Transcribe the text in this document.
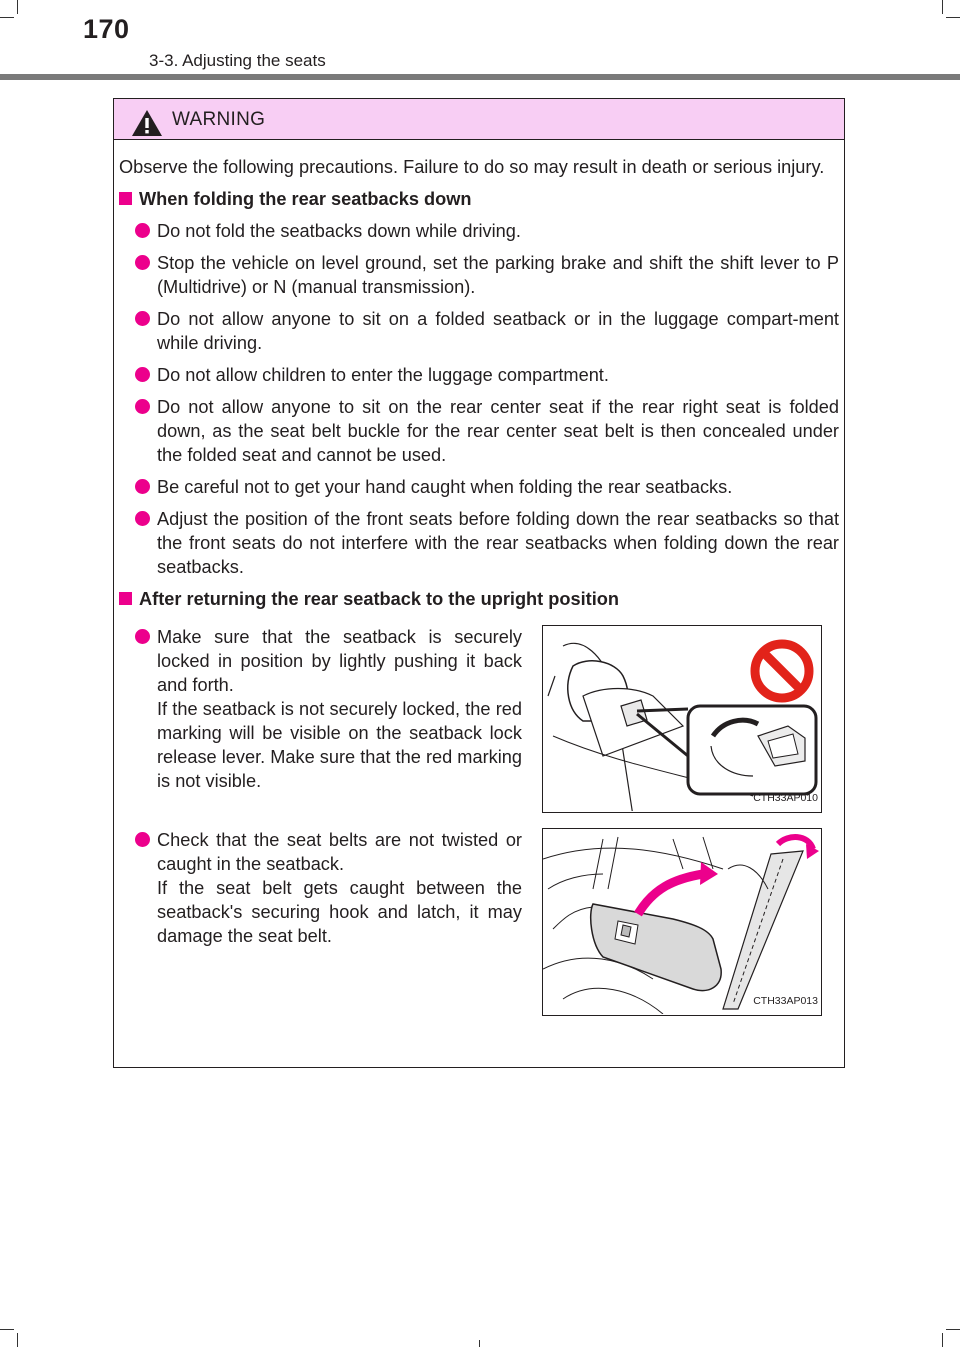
170
3-3. Adjusting the seats
WARNING

Observe the following precautions. Failure to do so may result in death or serious injury.

When folding the rear seatbacks down
Do not fold the seatbacks down while driving.
Stop the vehicle on level ground, set the parking brake and shift the shift lever to P (Multidrive) or N (manual transmission).
Do not allow anyone to sit on a folded seatback or in the luggage compart-ment while driving.
Do not allow children to enter the luggage compartment.
Do not allow anyone to sit on the rear center seat if the rear right seat is folded down, as the seat belt buckle for the rear center seat belt is then concealed under the folded seat and cannot be used.
Be careful not to get your hand caught when folding the rear seatbacks.
Adjust the position of the front seats before folding down the rear seatbacks so that the front seats do not interfere with the rear seatbacks when folding down the rear seatbacks.
After returning the rear seatback to the upright position
Make sure that the seatback is securely locked in position by lightly pushing it back and forth.
If the seatback is not securely locked, the red marking will be visible on the seatback lock release lever. Make sure that the red marking is not visible.
CTH33AP010
Check that the seat belts are not twisted or caught in the seatback.
If the seat belt gets caught between the seatback's securing hook and latch, it may damage the seat belt.
CTH33AP013
